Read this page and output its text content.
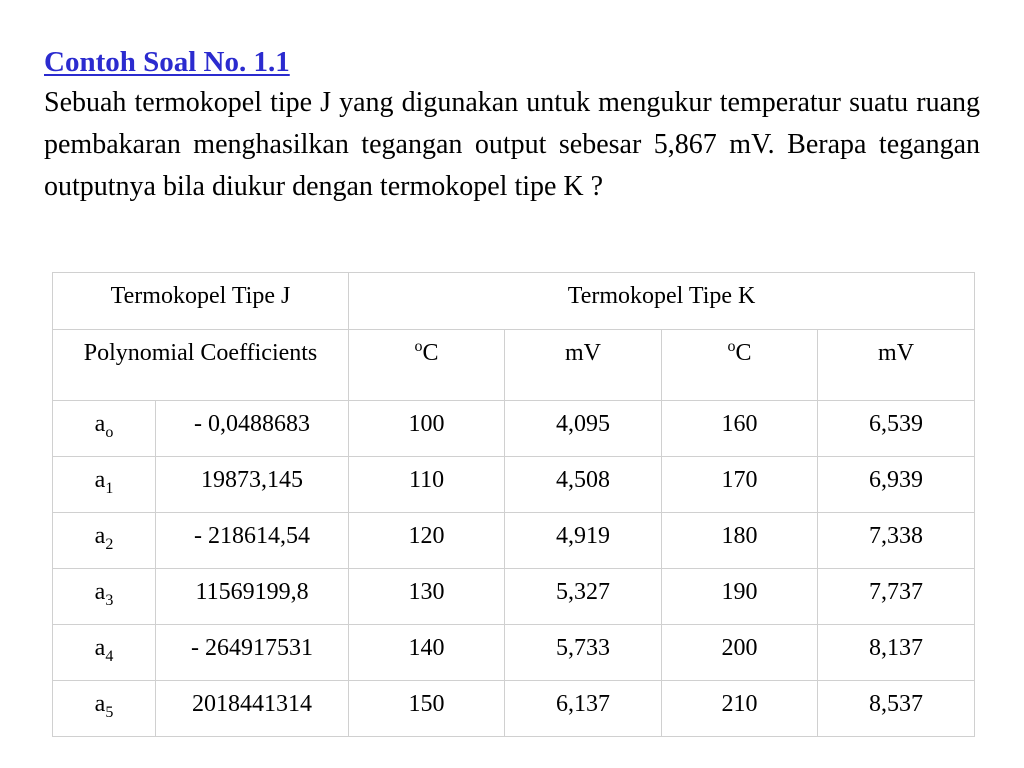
Contoh Soal No. 1.1

Sebuah termokopel tipe J yang digunakan untuk mengukur temperatur suatu ruang pembakaran menghasilkan tegangan output sebesar 5,867 mV. Berapa tegangan outputnya bila diukur dengan termokopel tipe K ?

Termokopel Tipe J		Termokopel Tipe K			
Polynomial Coefficients		$^o$C	mV	$^o$C	mV
$a_o$	- 0,0488683	100	4,095	160	6,539
$a_1$	19873,145	110	4,508	170	6,939
$a_2$	- 218614,54	120	4,919	180	7,338
$a_3$	11569199,8	130	5,327	190	7,737
$a_4$	- 264917531	140	5,733	200	8,137
$a_5$	2018441314	150	6,137	210	8,537
